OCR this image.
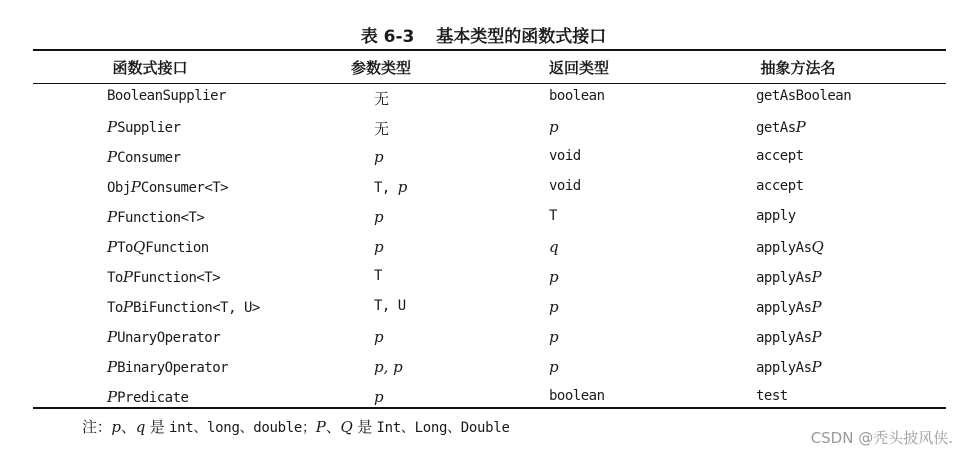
表 6-3 基本类型的函数式接口
函数式接口	参数类型	返回类型	抽象方法名
BooleanSupplier	无	boolean	getAsBoolean
PSupplier	无	p	getAsP
PConsumer	p	void	accept
ObjPConsumer<T>	T, p	void	accept
PFunction<T>	p	T	apply
PToQFunction	p	q	applyAsQ
ToPFunction<T>	T	p	applyAsP
ToPBiFunction<T, U>	T, U	p	applyAsP
PUnaryOperator	p	p	applyAsP
PBinaryOperator	p, p	p	applyAsP
PPredicate	p	boolean	test
注：p、q 是 int、long、double；P、Q 是 Int、Long、Double
CSDN @秃头披风侠.
